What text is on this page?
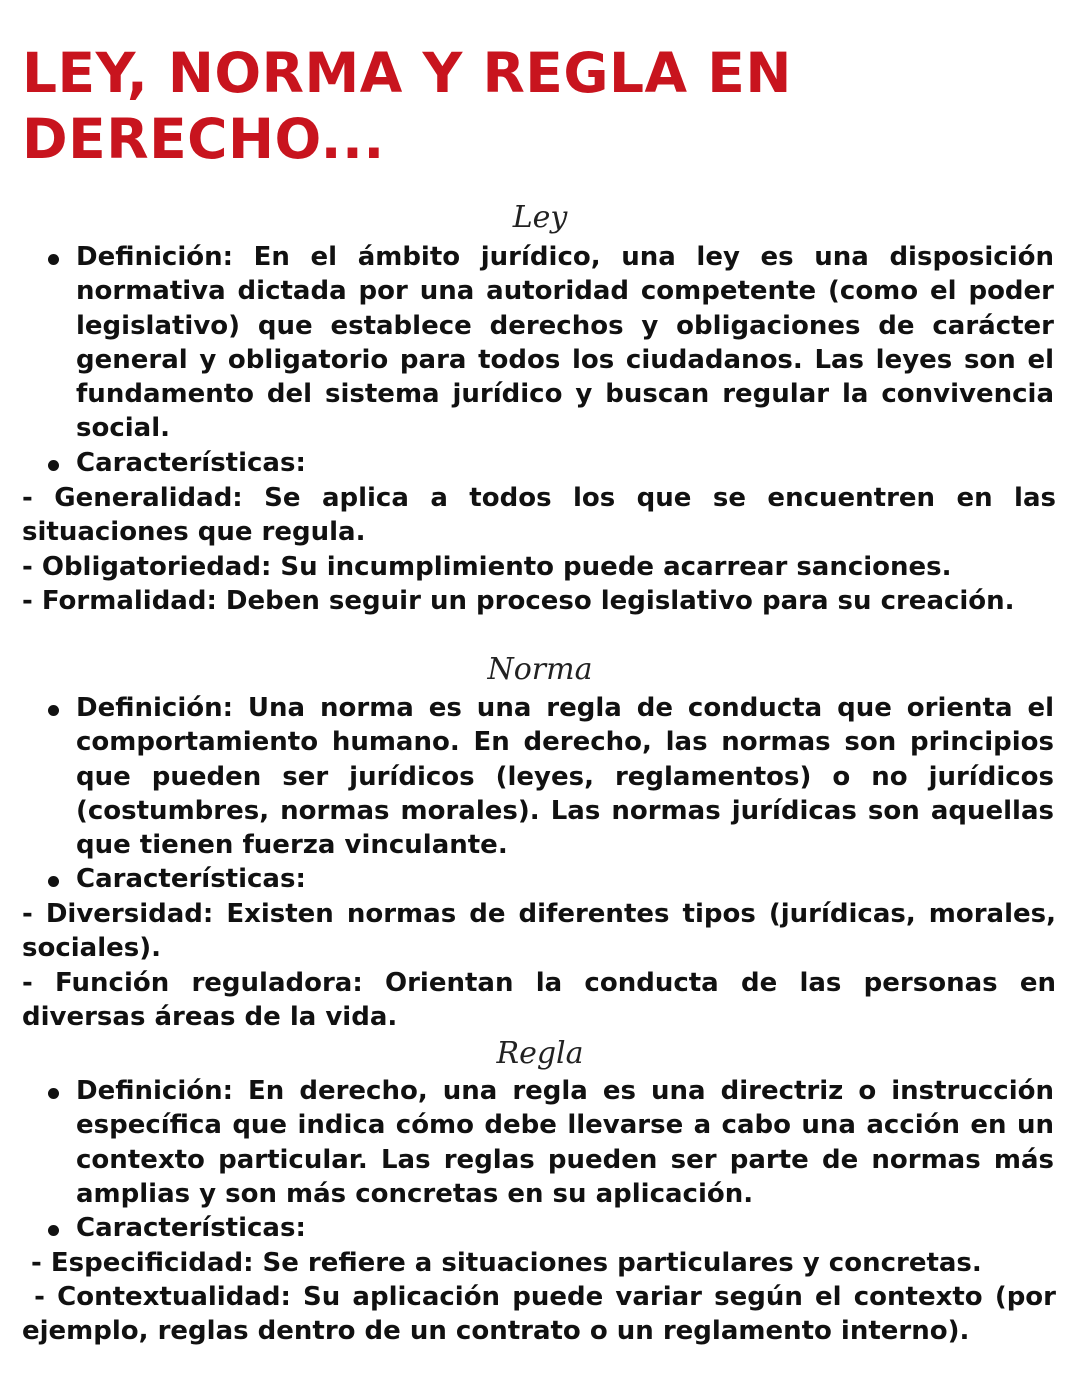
LEY, NORMA Y REGLA EN DERECHO...
Ley

Definición: En el ámbito jurídico, una ley es una disposición normativa dictada por una autoridad competente (como el poder legislativo) que establece derechos y obligaciones de carácter general y obligatorio para todos los ciudadanos. Las leyes son el fundamento del sistema jurídico y buscan regular la convivencia social.

Características:

- Generalidad: Se aplica a todos los que se encuentren en las situaciones que regula.

- Obligatoriedad: Su incumplimiento puede acarrear sanciones.

- Formalidad: Deben seguir un proceso legislativo para su creación.

Norma

Definición: Una norma es una regla de conducta que orienta el comportamiento humano. En derecho, las normas son principios que pueden ser jurídicos (leyes, reglamentos) o no jurídicos (costumbres, normas morales). Las normas jurídicas son aquellas que tienen fuerza vinculante.

Características:

- Diversidad: Existen normas de diferentes tipos (jurídicas, morales, sociales).

- Función reguladora: Orientan la conducta de las personas en diversas áreas de la vida.

Regla

Definición: En derecho, una regla es una directriz o instrucción específica que indica cómo debe llevarse a cabo una acción en un contexto particular. Las reglas pueden ser parte de normas más amplias y son más concretas en su aplicación.

Características:

- Especificidad: Se refiere a situaciones particulares y concretas.

- Contextualidad: Su aplicación puede variar según el contexto (por ejemplo, reglas dentro de un contrato o un reglamento interno).
